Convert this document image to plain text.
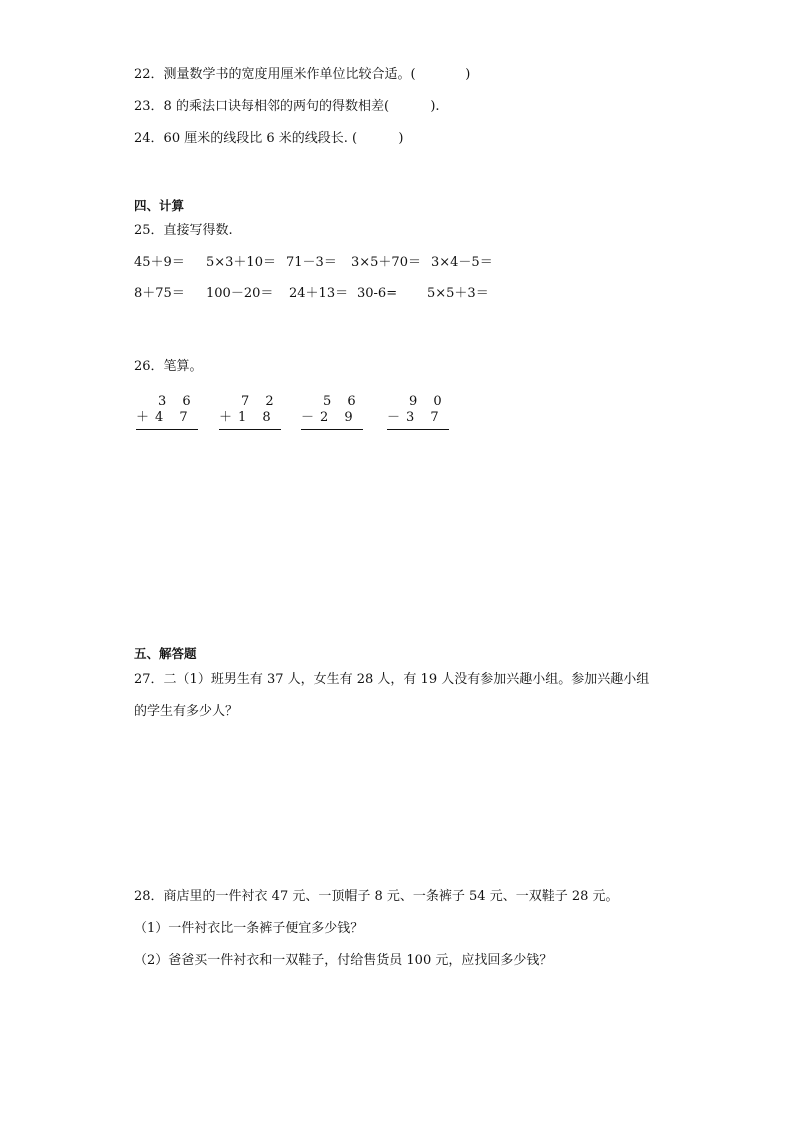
22．测量数学书的宽度用厘米作单位比较合适。(            )
23．8 的乘法口诀每相邻的两句的得数相差(          ).
24．60 厘米的线段比 6 米的线段长. (          )
四、计算
25．直接写得数.
45＋9＝ 5×3＋10＝ 71－3＝ 3×5＋70＝ 3×4－5＝
8＋75＝ 100－20＝ 24＋13＝ 30-6= 5×5＋3＝
26．笔算。
3 6
＋4 7
7 2
＋1 8
5 6
－2 9
9 0
－3 7
五、解答题
27．二（1）班男生有 37 人，女生有 28 人，有 19 人没有参加兴趣小组。参加兴趣小组
的学生有多少人？
28．商店里的一件衬衣 47 元、一顶帽子 8 元、一条裤子 54 元、一双鞋子 28 元。
（1）一件衬衣比一条裤子便宜多少钱？
（2）爸爸买一件衬衣和一双鞋子，付给售货员 100 元，应找回多少钱？
